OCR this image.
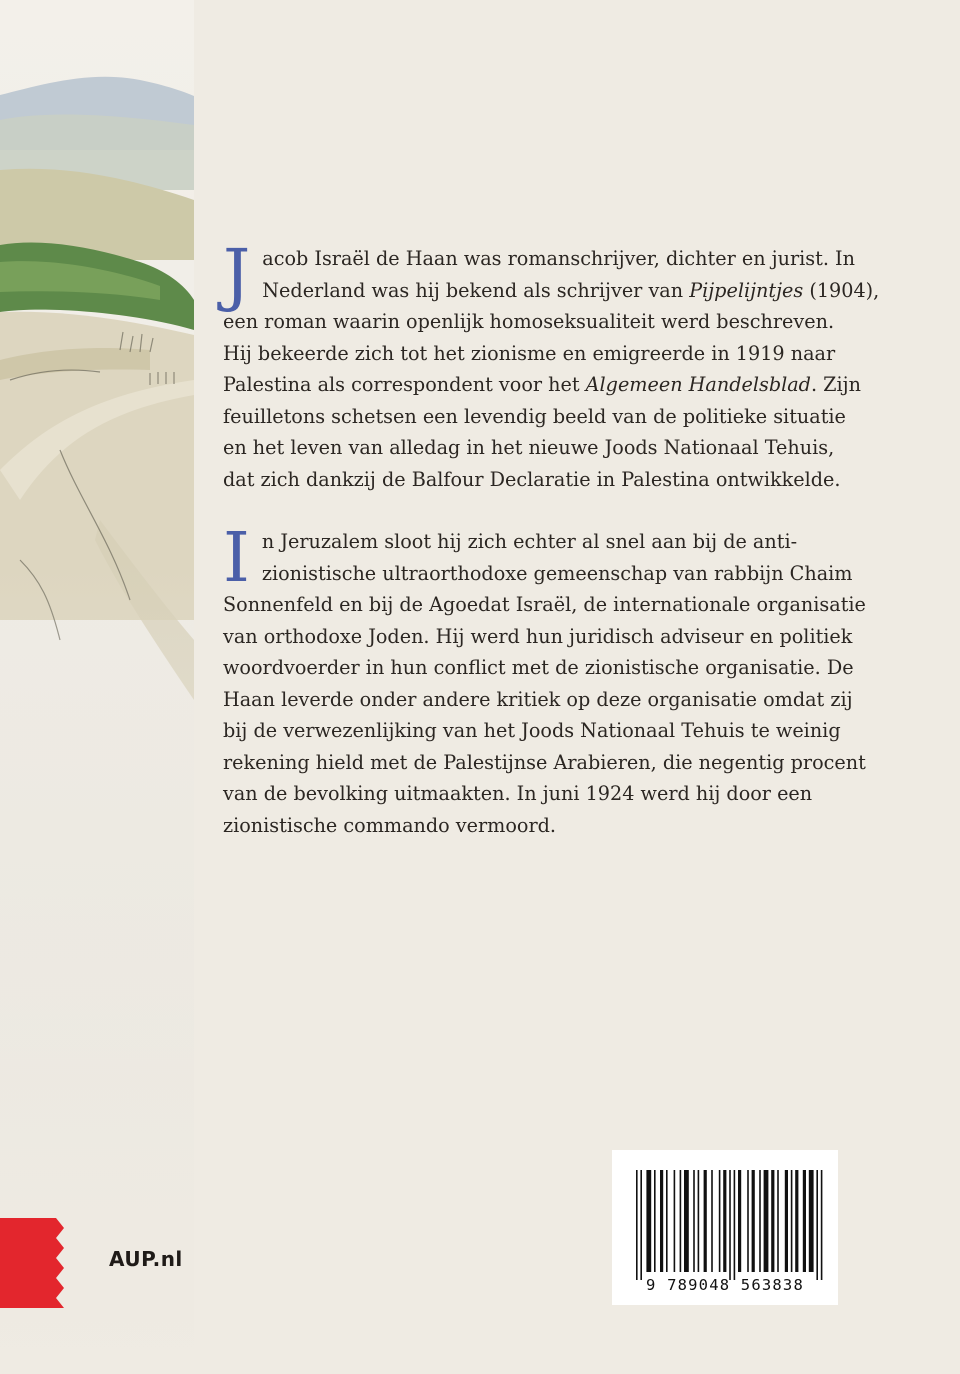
J acob Israël de Haan was romanschrijver, dichter en jurist. In
Nederland was hij bekend als schrijver van Pijpelijntjes (1904),
een roman waarin openlijk homoseksualiteit werd beschreven.
Hij bekeerde zich tot het zionisme en emigreerde in 1919 naar
Palestina als correspondent voor het Algemeen Handelsblad. Zijn
feuilletons schetsen een levendig beeld van de politieke situatie
en het leven van alledag in het nieuwe Joods Nationaal Tehuis,
dat zich dankzij de Balfour Declaratie in Palestina ontwikkelde.

I n Jeruzalem sloot hij zich echter al snel aan bij de anti-
zionistische ultraorthodoxe gemeenschap van rabbijn Chaim
Sonnenfeld en bij de Agoedat Israël, de internationale organisatie
van orthodoxe Joden. Hij werd hun juridisch adviseur en politiek
woordvoerder in hun conflict met de zionistische organisatie. De
Haan leverde onder andere kritiek op deze organisatie omdat zij
bij de verwezenlijking van het Joods Nationaal Tehuis te weinig
rekening hield met de Palestijnse Arabieren, die negentig procent
van de bevolking uitmaakten. In juni 1924 werd hij door een
zionistische commando vermoord.

AUP.nl
9 789048 563838
